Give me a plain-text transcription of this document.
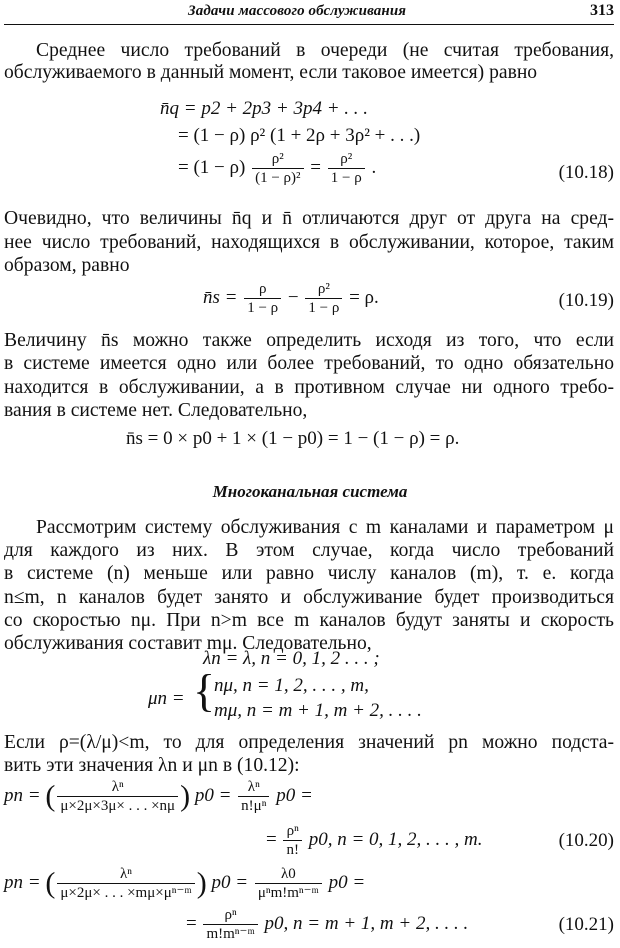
Задачи массового обслуживания	313
Среднее число требований в очереди (не считая требования,
обслуживаемого в данный момент, если таковое имеется) равно
n̄q = p2 + 2p3 + 3p4 + . . .
= (1 − ρ) ρ² (1 + 2ρ + 3ρ² + . . .)
= $(1 - \rho) \frac{\text{ρ²}}{\text{(1 − ρ)²}} = \frac{\text{ρ²}}{1 - \rho}$ .	(10.18)
Очевидно, что величины n̄q и n̄ отличаются друг от друга на сред-
нее число требований, находящихся в обслуживании, которое, таким
образом, равно
n̄s = $\frac{\rho}{1 - \rho} - \frac{\text{ρ²}}{1 - \rho} = \rho$.	(10.19)
Величину n̄s можно также определить исходя из того, что если
в системе имеется одно или более требований, то одно обязательно
находится в обслуживании, а в противном случае ни одного требо-
вания в системе нет. Следовательно,
n̄s = 0 × p0 + 1 × (1 − p0) = 1 − (1 − ρ) = ρ.
Многоканальная система
Рассмотрим систему обслуживания с m каналами и параметром μ
для каждого из них. В этом случае, когда число требований
в системе (n) меньше или равно числу каналов (m), т. е. когда
n≤m, n каналов будет занято и обслуживание будет производиться
со скоростью nμ. При n>m все m каналов будут заняты и скорость
обслуживания составит mμ. Следовательно,
λn = λ, n = 0, 1, 2 . . . ;
μn = {
nμ, n = 1, 2, . . . , m,
mμ, n = m + 1, m + 2, . . . .
Если ρ=(λ/μ)<m, то для определения значений pn можно подста-
вить эти значения λn и μn в (10.12):
pn = ( $\frac{\text{λⁿ}}{\mu\times 2\mu\times 3\mu\times . . . \times n\mu}$ ) $p0 = \frac{\text{λⁿ}}{\text{n!μⁿ}} p0$ =
= $\frac{\text{ρⁿ}}{n!} p0$, n = 0, 1, 2, . . . , m.	(10.20)
pn = ( $\frac{\text{λⁿ}}{\text{μ×2μ× . . . ×mμ×μⁿ⁻ᵐ}}$ ) $p0 = \frac{\lambda 0}{\text{μⁿm!mⁿ⁻ᵐ}} p0$ =
= $\frac{\text{ρⁿ}}{\text{m!mⁿ⁻ᵐ}} p0$, n = m + 1, m + 2, . . . .	(10.21)
